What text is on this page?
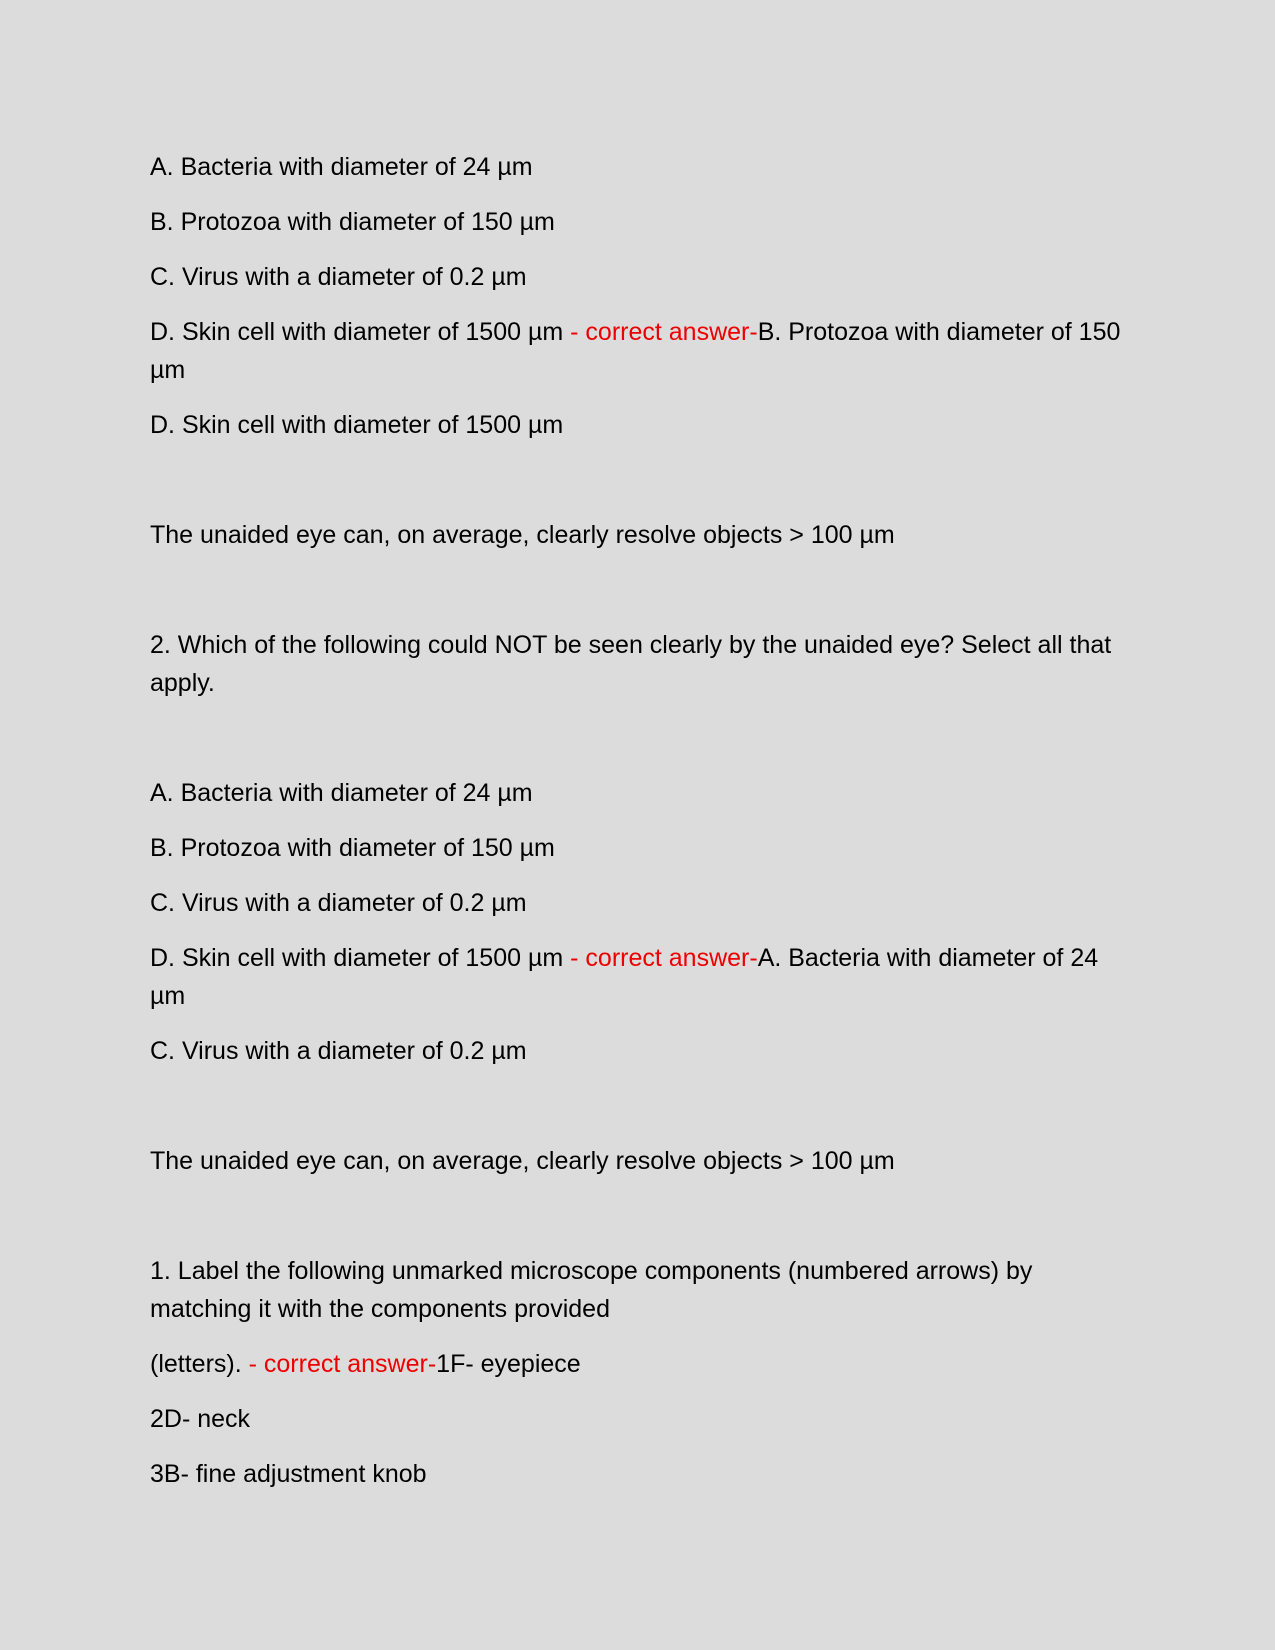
A. Bacteria with diameter of 24 µm

B. Protozoa with diameter of 150 µm

C. Virus with a diameter of 0.2 µm

D. Skin cell with diameter of 1500 µm - correct answer-B. Protozoa with diameter of 150 µm

D. Skin cell with diameter of 1500 µm

The unaided eye can, on average, clearly resolve objects > 100 µm

2. Which of the following could NOT be seen clearly by the unaided eye? Select all that apply.

A. Bacteria with diameter of 24 µm

B. Protozoa with diameter of 150 µm

C. Virus with a diameter of 0.2 µm

D. Skin cell with diameter of 1500 µm - correct answer-A. Bacteria with diameter of 24 µm

C. Virus with a diameter of 0.2 µm

The unaided eye can, on average, clearly resolve objects > 100 µm

1. Label the following unmarked microscope components (numbered arrows) by matching it with the components provided

(letters). - correct answer-1F- eyepiece

2D- neck

3B- fine adjustment knob
